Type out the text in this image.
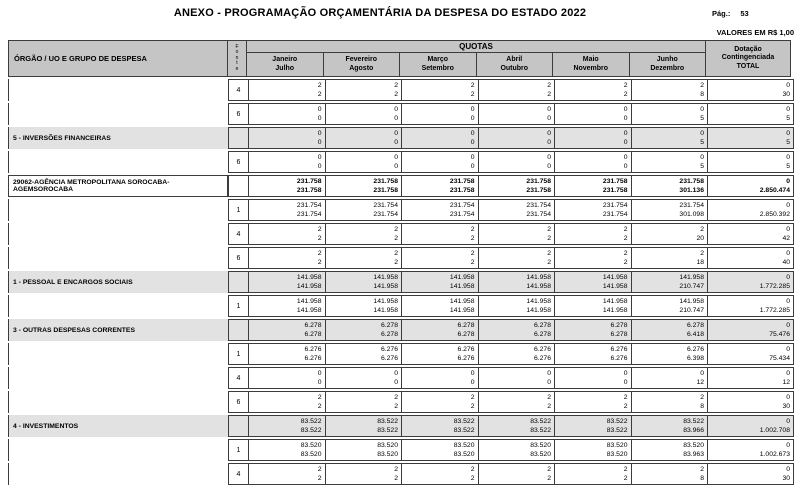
ANEXO - PROGRAMAÇÃO ORÇAMENTÁRIA DA DESPESA DO ESTADO 2022	Pág.: 53
VALORES EM R$ 1,00
ÓRGÃO / UO E GRUPO DE DESPESA
F
o
n
t
e
QUOTAS
Janeiro
Julho
Fevereiro
Agosto
Março
Setembro
Abril
Outubro
Maio
Novembro
Junho
Dezembro
Dotação
Contingenciada
TOTAL
4
2
2
2
2
2
2
2
2
2
2
2
8
0
30
6
0
0
0
0
0
0
0
0
0
0
0
5
0
5
5 - INVERSÕES FINANCEIRAS
0
0
0
0
0
0
0
0
0
0
0
5
0
5
6
0
0
0
0
0
0
0
0
0
0
0
5
0
5
29062-AGÊNCIA METROPOLITANA SOROCABA-AGEMSOROCABA
231.758
231.758
231.758
231.758
231.758
231.758
231.758
231.758
231.758
231.758
231.758
301.136
0
2.850.474
1
231.754
231.754
231.754
231.754
231.754
231.754
231.754
231.754
231.754
231.754
231.754
301.098
0
2.850.392
4
2
2
2
2
2
2
2
2
2
2
2
20
0
42
6
2
2
2
2
2
2
2
2
2
2
2
18
0
40
1 - PESSOAL E ENCARGOS SOCIAIS
141.958
141.958
141.958
141.958
141.958
141.958
141.958
141.958
141.958
141.958
141.958
210.747
0
1.772.285
1
141.958
141.958
141.958
141.958
141.958
141.958
141.958
141.958
141.958
141.958
141.958
210.747
0
1.772.285
3 - OUTRAS DESPESAS CORRENTES
6.278
6.278
6.278
6.278
6.278
6.278
6.278
6.278
6.278
6.278
6.278
6.418
0
75.476
1
6.276
6.276
6.276
6.276
6.276
6.276
6.276
6.276
6.276
6.276
6.276
6.398
0
75.434
4
0
0
0
0
0
0
0
0
0
0
0
12
0
12
6
2
2
2
2
2
2
2
2
2
2
2
8
0
30
4 - INVESTIMENTOS
83.522
83.522
83.522
83.522
83.522
83.522
83.522
83.522
83.522
83.522
83.522
83.966
0
1.002.708
1
83.520
83.520
83.520
83.520
83.520
83.520
83.520
83.520
83.520
83.520
83.520
83.963
0
1.002.673
4
2
2
2
2
2
2
2
2
2
2
2
8
0
30
